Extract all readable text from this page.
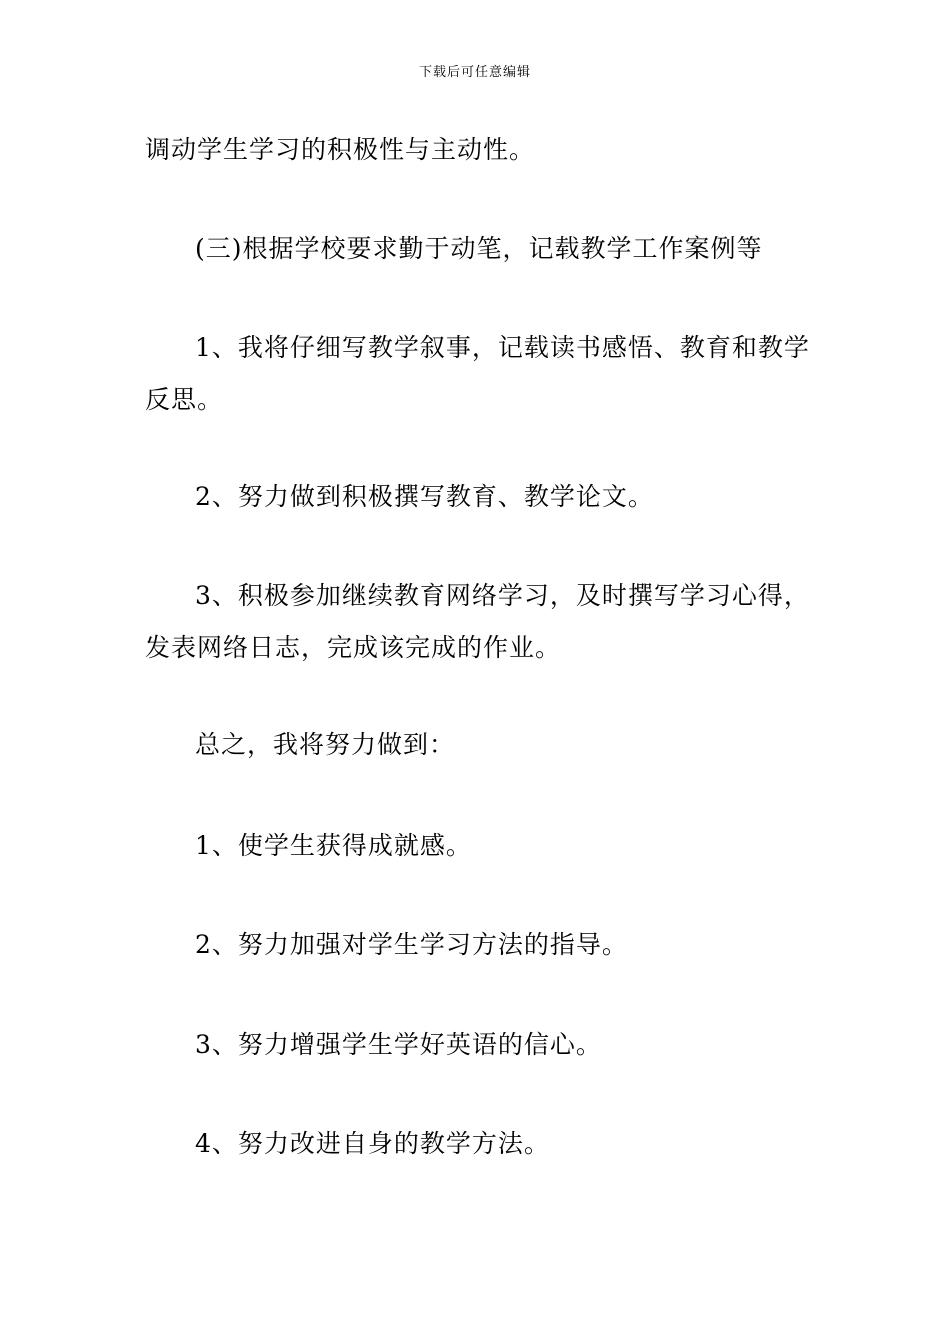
下载后可任意编辑

调动学生学习的积极性与主动性。

(三)根据学校要求勤于动笔，记载教学工作案例等

1、我将仔细写教学叙事，记载读书感悟、教育和教学反思。

2、努力做到积极撰写教育、教学论文。

3、积极参加继续教育网络学习，及时撰写学习心得，发表网络日志，完成该完成的作业。

总之，我将努力做到：

1、使学生获得成就感。

2、努力加强对学生学习方法的指导。

3、努力增强学生学好英语的信心。

4、努力改进自身的教学方法。
